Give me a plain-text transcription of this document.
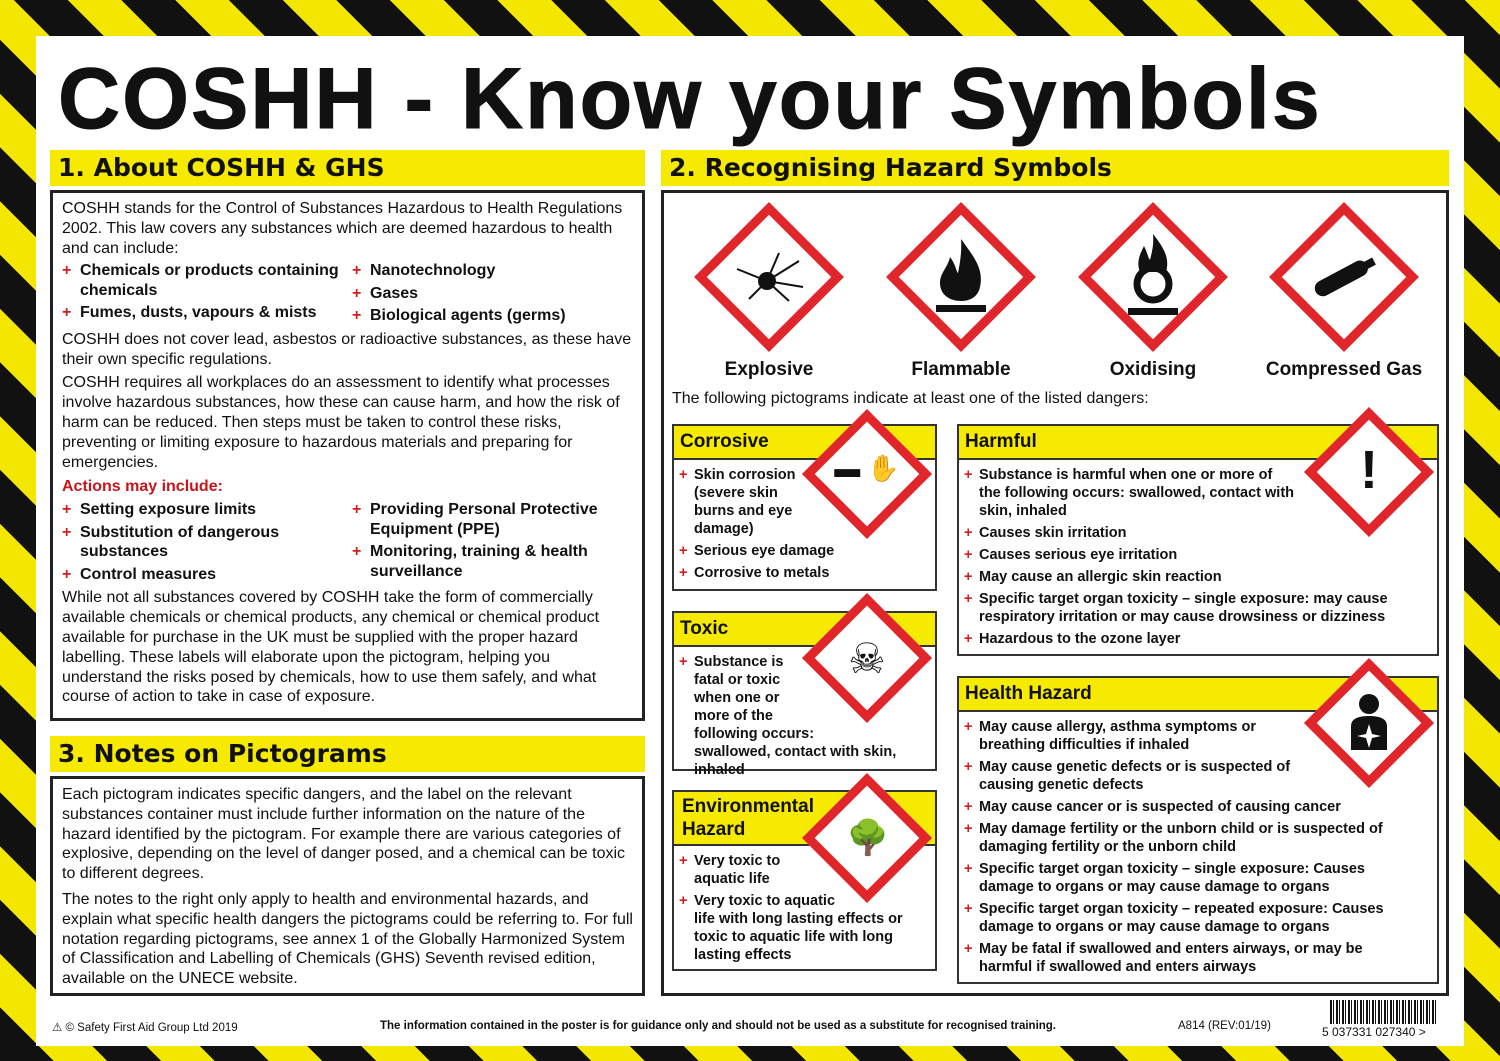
COSHH - Know your Symbols
1. About COSHH & GHS
COSHH stands for the Control of Substances Hazardous to Health Regulations 2002. This law covers any substances which are deemed hazardous to health and can include:
+ Chemicals or products containing chemicals
+ Fumes, dusts, vapours & mists
+ Nanotechnology
+ Gases
+ Biological agents (germs)
COSHH does not cover lead, asbestos or radioactive substances, as these have their own specific regulations.
COSHH requires all workplaces do an assessment to identify what processes involve hazardous substances, how these can cause harm, and how the risk of harm can be reduced. Then steps must be taken to control these risks, preventing or limiting exposure to hazardous materials and preparing for emergencies.
Actions may include:
+ Setting exposure limits
+ Substitution of dangerous substances
+ Control measures
+ Providing Personal Protective Equipment (PPE)
+ Monitoring, training & health surveillance
While not all substances covered by COSHH take the form of commercially available chemicals or chemical products, any chemical or chemical product available for purchase in the UK must be supplied with the proper hazard labelling. These labels will elaborate upon the pictogram, helping you understand the risks posed by chemicals, how to use them safely, and what course of action to take in case of exposure.
3. Notes on Pictograms
Each pictogram indicates specific dangers, and the label on the relevant substances container must include further information on the nature of the hazard identified by the pictogram. For example there are various categories of explosive, depending on the level of danger posed, and a chemical can be toxic to different degrees.
The notes to the right only apply to health and environmental hazards, and explain what specific health dangers the pictograms could be referring to. For full notation regarding pictograms, see annex 1 of the Globally Harmonized System of Classification and Labelling of Chemicals (GHS) Seventh revised edition, available on the UNECE website.
2. Recognising Hazard Symbols
Explosive	Flammable	Oxidising	Compressed Gas
The following pictograms indicate at least one of the listed dangers:
Corrosive
+ Skin corrosion (severe skin burns and eye damage)
+ Serious eye damage
+ Corrosive to metals
▬ ✋
Toxic
+ Substance is fatal or toxic when one or more of the following occurs: swallowed, contact with skin, inhaled
☠
Environmental Hazard
+ Very toxic to aquatic life
+ Very toxic to aquatic life with long lasting effects or toxic to aquatic life with long lasting effects
🌳
Harmful
+ Substance is harmful when one or more of the following occurs: swallowed, contact with skin, inhaled
+ Causes skin irritation
+ Causes serious eye irritation
+ May cause an allergic skin reaction
+ Specific target organ toxicity – single exposure: may cause respiratory irritation or may cause drowsiness or dizziness
+ Hazardous to the ozone layer
!
Health Hazard
+ May cause allergy, asthma symptoms or breathing difficulties if inhaled
+ May cause genetic defects or is suspected of causing genetic defects
+ May cause cancer or is suspected of causing cancer
+ May damage fertility or the unborn child or is suspected of damaging fertility or the unborn child
+ Specific target organ toxicity – single exposure: Causes damage to organs or may cause damage to organs
+ Specific target organ toxicity – repeated exposure: Causes damage to organs or may cause damage to organs
+ May be fatal if swallowed and enters airways, or may be harmful if swallowed and enters airways
⚠ © Safety First Aid Group Ltd 2019	The information contained in the poster is for guidance only and should not be used as a substitute for recognised training.	A814 (REV:01/19)	5 037331 027340 >
